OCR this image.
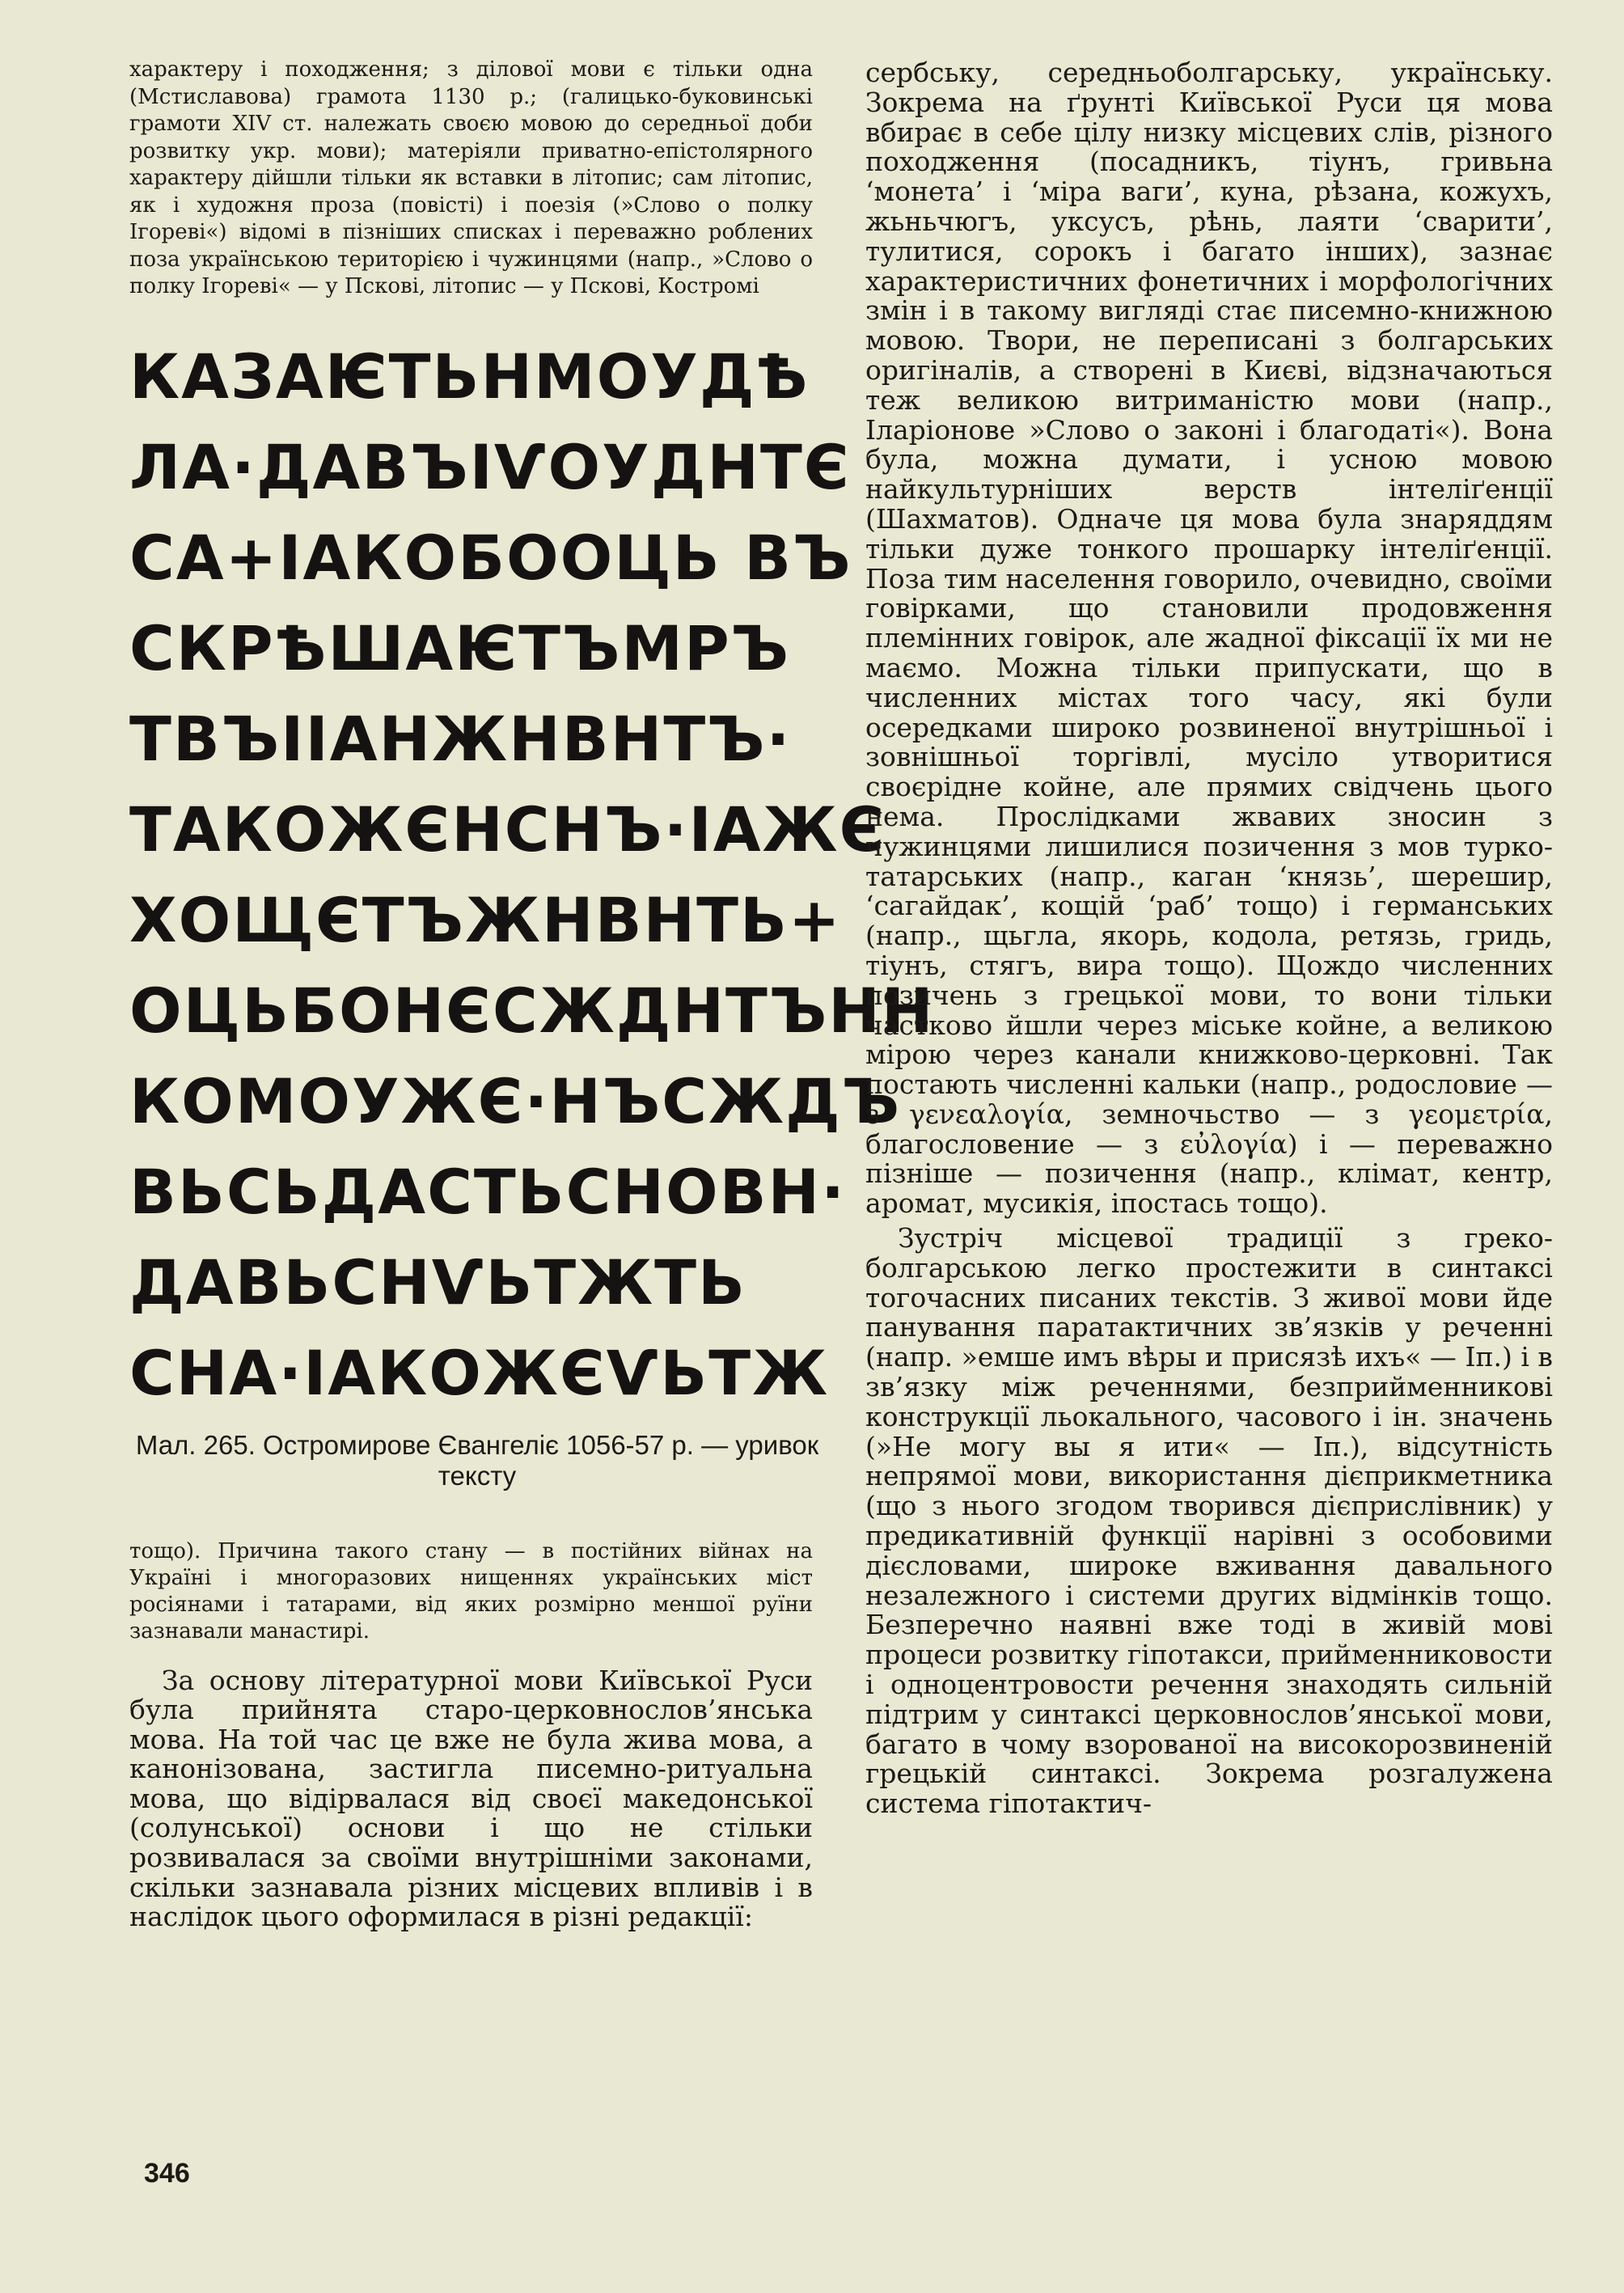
характеру і походження; з ділової мови є тільки одна (Мстиславова) грамота 1130 р.; (галицько-буковинські грамоти XIV ст. належать своєю мовою до середньої доби розвитку укр. мови); матеріяли приватно-епістолярного характеру дійшли тільки як вставки в літопис; сам літопис, як і художня проза (повісті) і поезія (»Слово о полку Ігореві«) відомі в пізніших списках і переважно роблених поза українською територією і чужинцями (напр., »Слово о полку Ігореві« — у Пскові, літопис — у Пскові, Костромі

КАЗАѤТЬНМОУДѢ
ЛА·ДАВЪІѴОУДНТЄ
СА+ІАКОБООЦЬ ВЪ
СКРѢШАѤТЪМРЪ
ТВЪІІАНЖНВНТЪ·
ТАКОЖЄНСНЪ·ІАЖЄ
ХОЩЄТЪЖНВНТЬ+
ОЦЬБОНЄСЖДНТЪНН
КОМОУЖЄ·НЪСЖДЪ
ВЬСЬДАСТЬСНОВН·
ДАВЬСНѴЬТЖТЬ
СНА·ІАКОЖЄѴЬТЖ

Мал. 265. Остромирове Євангеліє 1056-57 р. — уривок тексту

тощо). Причина такого стану — в постійних війнах на Україні і многоразових нищеннях українських міст росіянами і татарами, від яких розмірно меншої руїни зазнавали манастирі.

За основу літературної мови Київської Руси була прийнята старо-церковнослов’янська мова. На той час це вже не була жива мова, а канонізована, застигла писемно-ритуальна мова, що відірвалася від своєї македонської (солунської) основи і що не стільки розвивалася за своїми внутрішніми законами, скільки зазнавала різних місцевих впливів і в наслідок цього оформилася в різні редакції:

сербську, середньоболгарську, українську. Зокрема на ґрунті Київської Руси ця мова вбирає в себе цілу низку місцевих слів, різного походження (посадникъ, тіунъ, гривьна ‘монета’ і ‘міра ваги’, куна, рѣзана, кожухъ, жьньчюгъ, уксусъ, рѣнь, лаяти ‘сварити’, тулитися, сорокъ і багато інших), зазнає характеристичних фонетичних і морфологічних змін і в такому вигляді стає писемно-книжною мовою. Твори, не переписані з болгарських оригіналів, а створені в Києві, відзначаються теж великою витриманістю мови (напр., Іларіонове »Слово о законі і благодаті«). Вона була, можна думати, і усною мовою найкультурніших верств інтеліґенції (Шахматов). Одначе ця мова була знаряддям тільки дуже тонкого прошарку інтеліґенції. Поза тим населення говорило, очевидно, своїми говірками, що становили продовження племінних говірок, але жадної фіксації їх ми не маємо. Можна тільки припускати, що в численних містах того часу, які були осередками широко розвиненої внутрішньої і зовнішньої торгівлі, мусіло утворитися своєрідне койне, але прямих свідчень цього нема. Прослідками жвавих зносин з чужинцями лишилися позичення з мов турко-татарських (напр., каган ‘князь’, шерешир, ‘сагайдак’, кощій ‘раб’ тощо) і германських (напр., щьгла, якорь, кодола, ретязь, гридь, тіунъ, стягъ, вира тощо). Щождо численних позичень з грецької мови, то вони тільки частково йшли через міське койне, а великою мірою через канали книжково-церковні. Так постають численні кальки (напр., родословие — з γενεαλογία, земночьство — з γεομετρία, благословение — з εὐλογία) і — переважно пізніше — позичення (напр., клімат, кентр, аромат, мусикія, іпостась тощо).

Зустріч місцевої традиції з греко-болгарською легко простежити в синтаксі тогочасних писаних текстів. З живої мови йде панування паратактичних зв’язків у реченні (напр. »емше имъ вѣры и присязѣ ихъ« — Іп.) і в зв’язку між реченнями, безприйменникові конструкції льокального, часового і ін. значень (»Не могу вы я ити« — Іп.), відсутність непрямої мови, використання дієприкметника (що з нього згодом творився дієприслівник) у предикативній функції нарівні з особовими дієсловами, широке вживання давального незалежного і системи других відмінків тощо. Безперечно наявні вже тоді в живій мові процеси розвитку гіпотакси, прийменниковости і одноцентровости речення знаходять сильній підтрим у синтаксі церковнослов’янської мови, багато в чому взорованої на високорозвиненій грецькій синтаксі. Зокрема розгалужена система гіпотактич-

346
